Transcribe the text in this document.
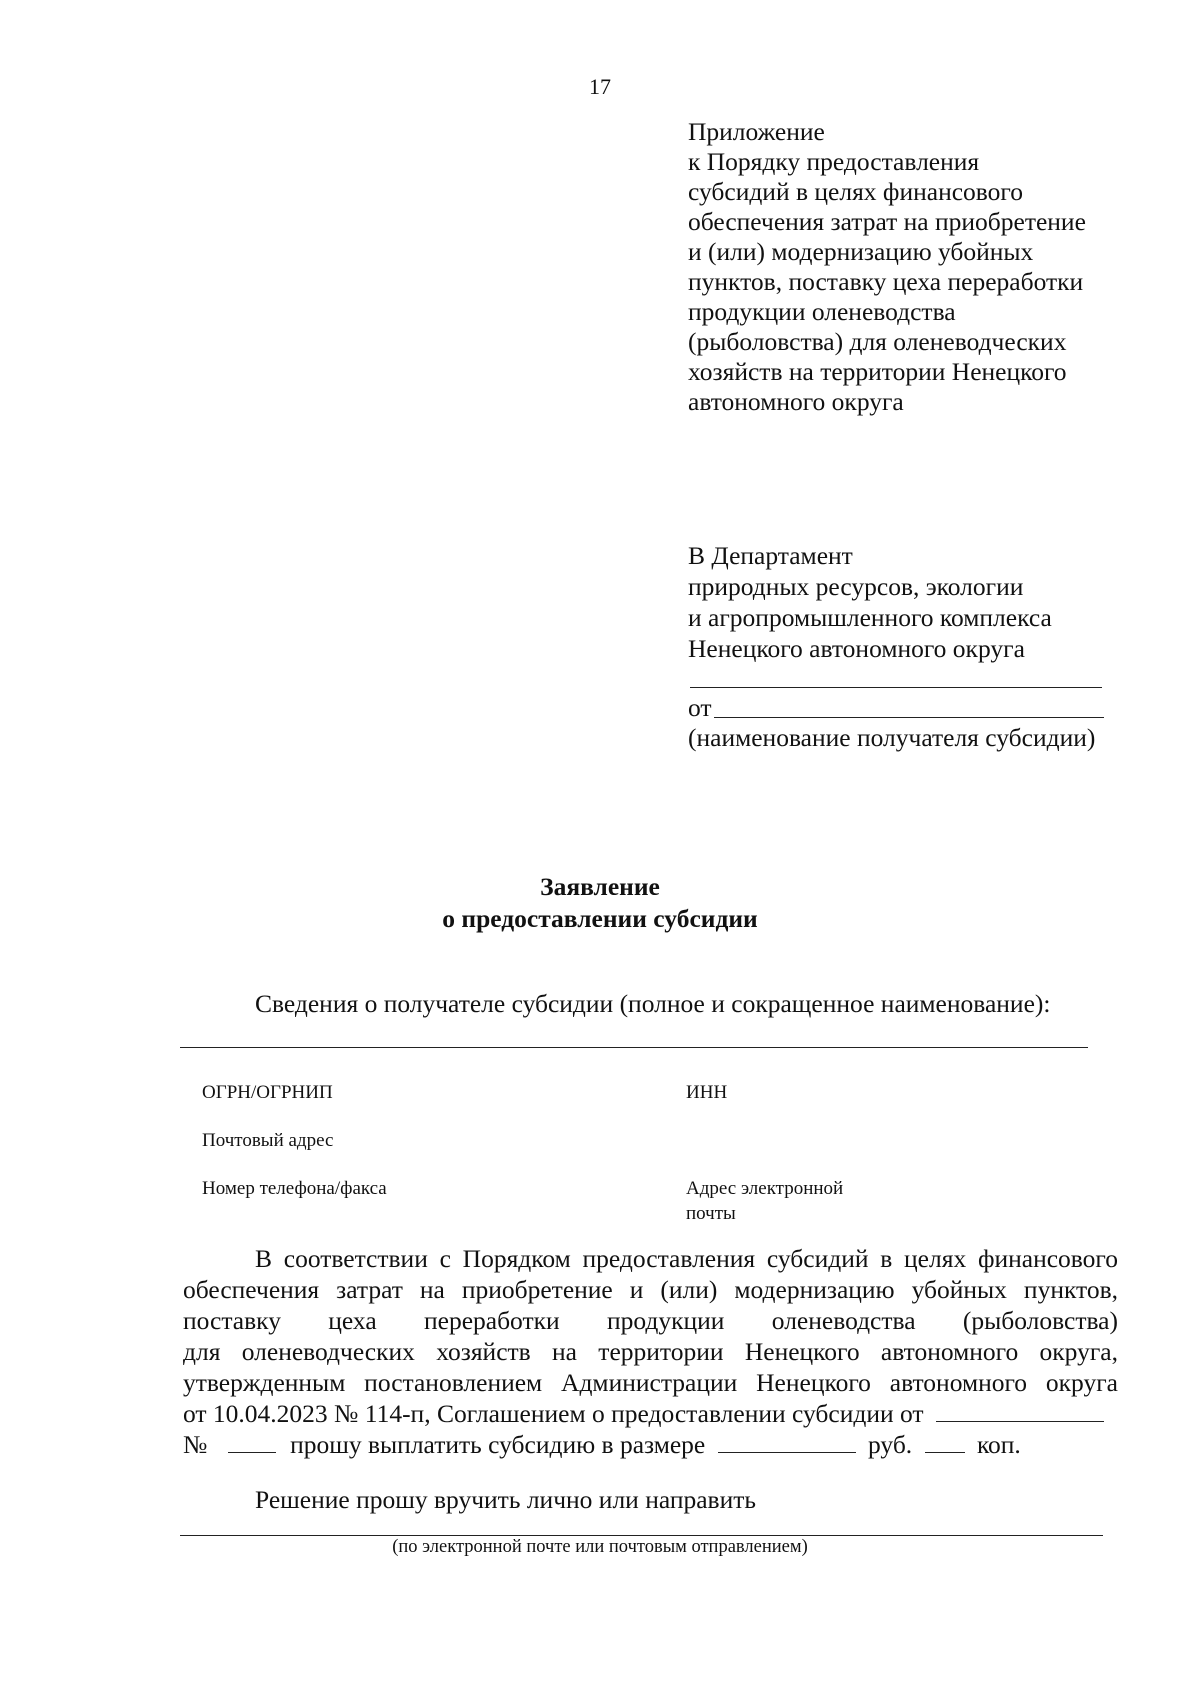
17
Приложение
к Порядку предоставления
субсидий в целях финансового
обеспечения затрат на приобретение
и (или) модернизацию убойных
пунктов, поставку цеха переработки
продукции оленеводства
(рыболовства) для оленеводческих
хозяйств на территории Ненецкого
автономного округа
В Департамент
природных ресурсов, экологии
и агропромышленного комплекса
Ненецкого автономного округа
от
(наименование получателя субсидии)
Заявление
о предоставлении субсидии
Сведения о получателе субсидии (полное и сокращенное наименование):
ОГРН/ОГРНИП	ИНН
Почтовый адрес
Номер телефона/факса	Адрес электронной
почты
В соответствии с Порядком предоставления субсидий в целях финансового
обеспечения затрат на приобретение и (или) модернизацию убойных пунктов,
поставку цеха переработки продукции оленеводства (рыболовства)
для оленеводческих хозяйств на территории Ненецкого автономного округа,
утвержденным постановлением Администрации Ненецкого автономного округа
от 10.04.2023 № 114-п, Соглашением о предоставлении субсидии от
№	прошу выплатить субсидию в размере	руб.	коп.
Решение прошу вручить лично или направить
(по электронной почте или почтовым отправлением)
